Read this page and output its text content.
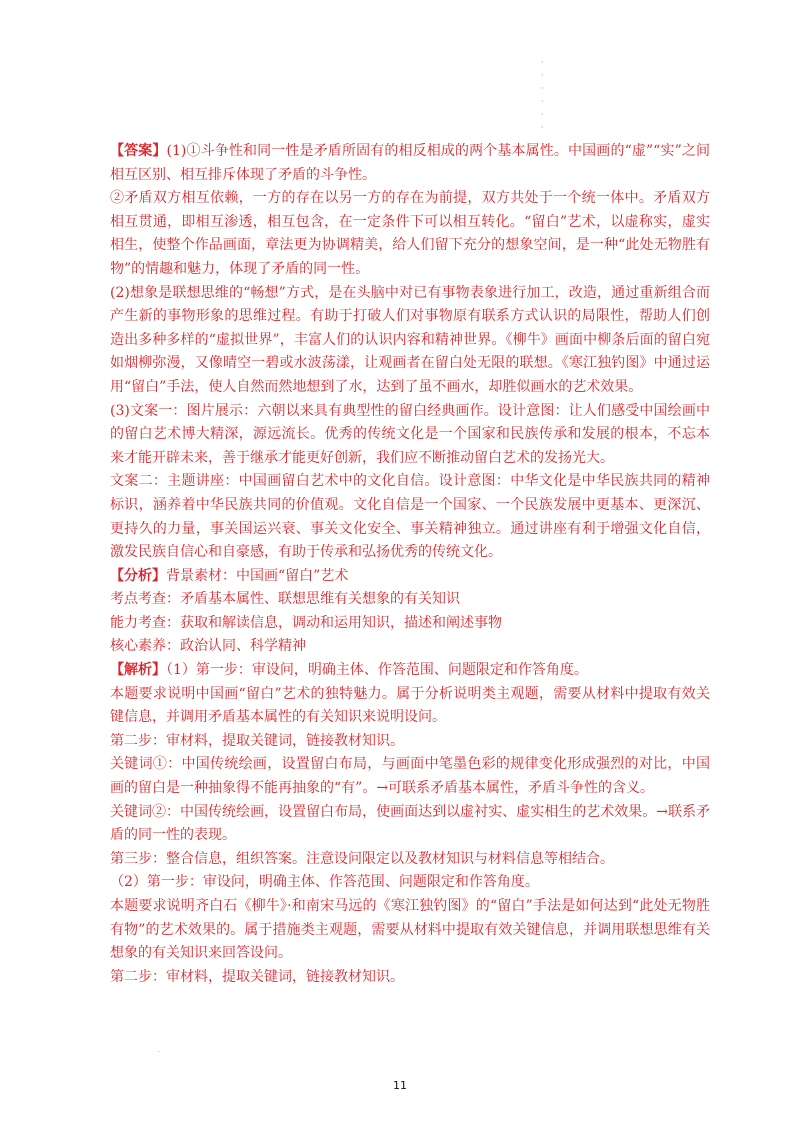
·
·
·
·
·
·

【答案】(1)①斗争性和同一性是矛盾所固有的相反相成的两个基本属性。中国画的“虚”“实”之间相互区别、相互排斥体现了矛盾的斗争性。

②矛盾双方相互依赖，一方的存在以另一方的存在为前提，双方共处于一个统一体中。矛盾双方相互贯通，即相互渗透，相互包含，在一定条件下可以相互转化。“留白”艺术，以虚称实，虚实相生，使整个作品画面，章法更为协调精美，给人们留下充分的想象空间，是一种“此处无物胜有物”的情趣和魅力，体现了矛盾的同一性。

(2)想象是联想思维的“畅想”方式，是在头脑中对已有事物表象进行加工，改造，通过重新组合而产生新的事物形象的思维过程。有助于打破人们对事物原有联系方式认识的局限性，帮助人们创造出多种多样的“虚拟世界”，丰富人们的认识内容和精神世界。《柳牛》画面中柳条后面的留白宛如烟柳弥漫，又像晴空一碧或水波荡漾，让观画者在留白处无限的联想。《寒江独钓图》中通过运用“留白”手法，使人自然而然地想到了水，达到了虽不画水，却胜似画水的艺术效果。

(3)文案一：图片展示：六朝以来具有典型性的留白经典画作。设计意图：让人们感受中国绘画中的留白艺术博大精深，源远流长。优秀的传统文化是一个国家和民族传承和发展的根本，不忘本来才能开辟未来，善于继承才能更好创新，我们应不断推动留白艺术的发扬光大。

文案二：主题讲座：中国画留白艺术中的文化自信。设计意图：中华文化是中华民族共同的精神标识，涵养着中华民族共同的价值观。文化自信是一个国家、一个民族发展中更基本、更深沉、更持久的力量，事关国运兴衰、事关文化安全、事关精神独立。通过讲座有利于增强文化自信，激发民族自信心和自豪感，有助于传承和弘扬优秀的传统文化。

【分析】背景素材：中国画“留白”艺术

考点考查：矛盾基本属性、联想思维有关想象的有关知识

能力考查：获取和解读信息，调动和运用知识，描述和阐述事物

核心素养：政治认同、科学精神

【解析】（1）第一步：审设问，明确主体、作答范围、问题限定和作答角度。

本题要求说明中国画“留白”艺术的独特魅力。属于分析说明类主观题，需要从材料中提取有效关键信息，并调用矛盾基本属性的有关知识来说明设问。

第二步：审材料，提取关键词，链接教材知识。

关键词①：中国传统绘画，设置留白布局，与画面中笔墨色彩的规律变化形成强烈的对比，中国画的留白是一种抽象得不能再抽象的“有”。→可联系矛盾基本属性，矛盾斗争性的含义。

关键词②：中国传统绘画，设置留白布局，使画面达到以虚衬实、虚实相生的艺术效果。→联系矛盾的同一性的表现。

第三步：整合信息，组织答案。注意设问限定以及教材知识与材料信息等相结合。

（2）第一步：审设问，明确主体、作答范围、问题限定和作答角度。

本题要求说明齐白石《柳牛》·和南宋马远的《寒江独钓图》的“留白”手法是如何达到“此处无物胜有物”的艺术效果的。属于措施类主观题，需要从材料中提取有效关键信息，并调用联想思维有关想象的有关知识来回答设问。

第二步：审材料，提取关键词，链接教材知识。

·
11
